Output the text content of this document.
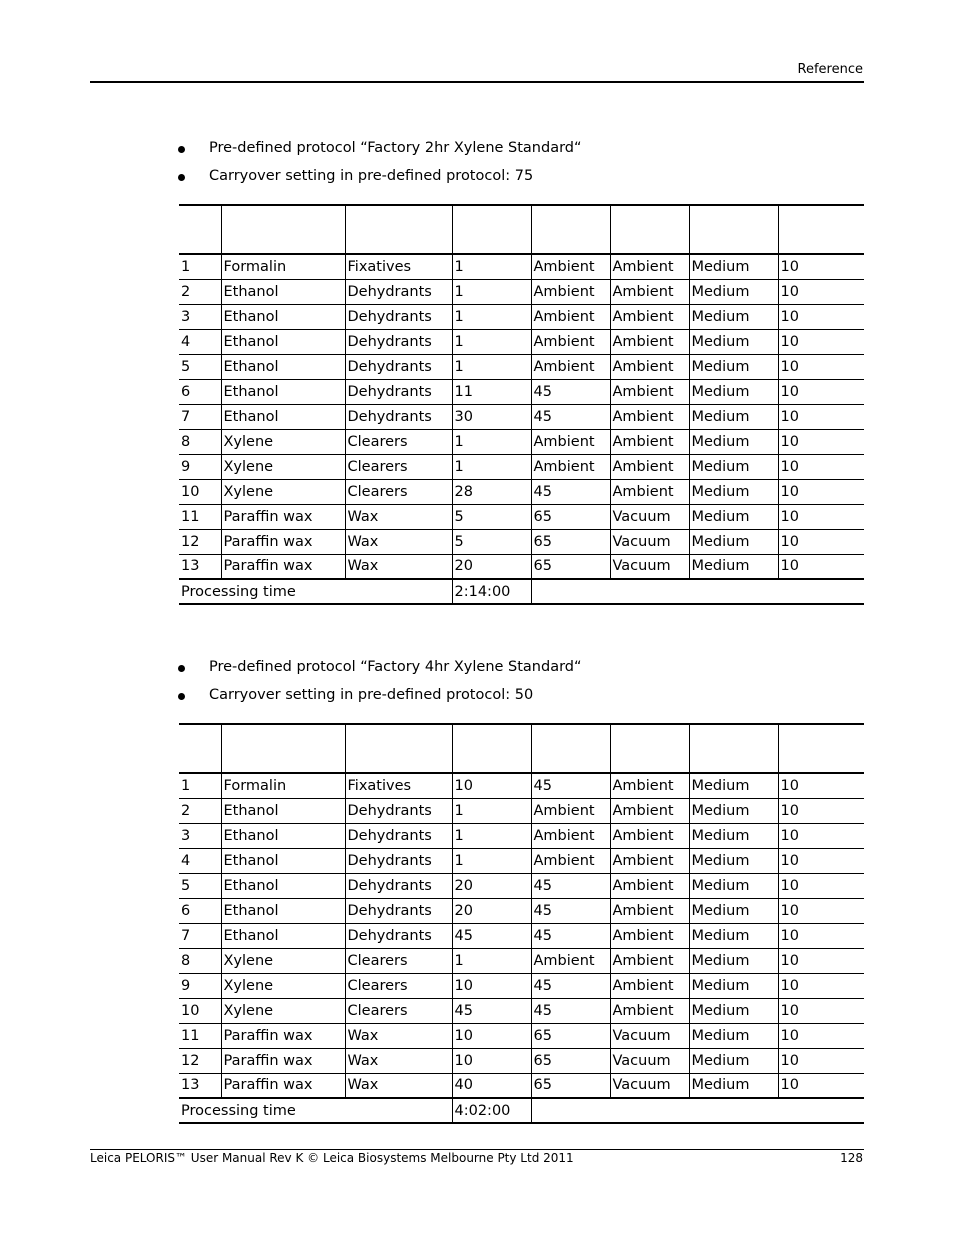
Reference
Pre-defined protocol “Factory 2hr Xylene Standard“
Carryover setting in pre-defined protocol: 75

1	Formalin	Fixatives	1	Ambient	Ambient	Medium	10
2	Ethanol	Dehydrants	1	Ambient	Ambient	Medium	10
3	Ethanol	Dehydrants	1	Ambient	Ambient	Medium	10
4	Ethanol	Dehydrants	1	Ambient	Ambient	Medium	10
5	Ethanol	Dehydrants	1	Ambient	Ambient	Medium	10
6	Ethanol	Dehydrants	11	45	Ambient	Medium	10
7	Ethanol	Dehydrants	30	45	Ambient	Medium	10
8	Xylene	Clearers	1	Ambient	Ambient	Medium	10
9	Xylene	Clearers	1	Ambient	Ambient	Medium	10
10	Xylene	Clearers	28	45	Ambient	Medium	10
11	Paraffin wax	Wax	5	65	Vacuum	Medium	10
12	Paraffin wax	Wax	5	65	Vacuum	Medium	10
13	Paraffin wax	Wax	20	65	Vacuum	Medium	10
Processing time			2:14:00				
Pre-defined protocol “Factory 4hr Xylene Standard“
Carryover setting in pre-defined protocol: 50

1	Formalin	Fixatives	10	45	Ambient	Medium	10
2	Ethanol	Dehydrants	1	Ambient	Ambient	Medium	10
3	Ethanol	Dehydrants	1	Ambient	Ambient	Medium	10
4	Ethanol	Dehydrants	1	Ambient	Ambient	Medium	10
5	Ethanol	Dehydrants	20	45	Ambient	Medium	10
6	Ethanol	Dehydrants	20	45	Ambient	Medium	10
7	Ethanol	Dehydrants	45	45	Ambient	Medium	10
8	Xylene	Clearers	1	Ambient	Ambient	Medium	10
9	Xylene	Clearers	10	45	Ambient	Medium	10
10	Xylene	Clearers	45	45	Ambient	Medium	10
11	Paraffin wax	Wax	10	65	Vacuum	Medium	10
12	Paraffin wax	Wax	10	65	Vacuum	Medium	10
13	Paraffin wax	Wax	40	65	Vacuum	Medium	10
Processing time			4:02:00				
Leica PELORIS™ User Manual Rev K © Leica Biosystems Melbourne Pty Ltd 2011	128
